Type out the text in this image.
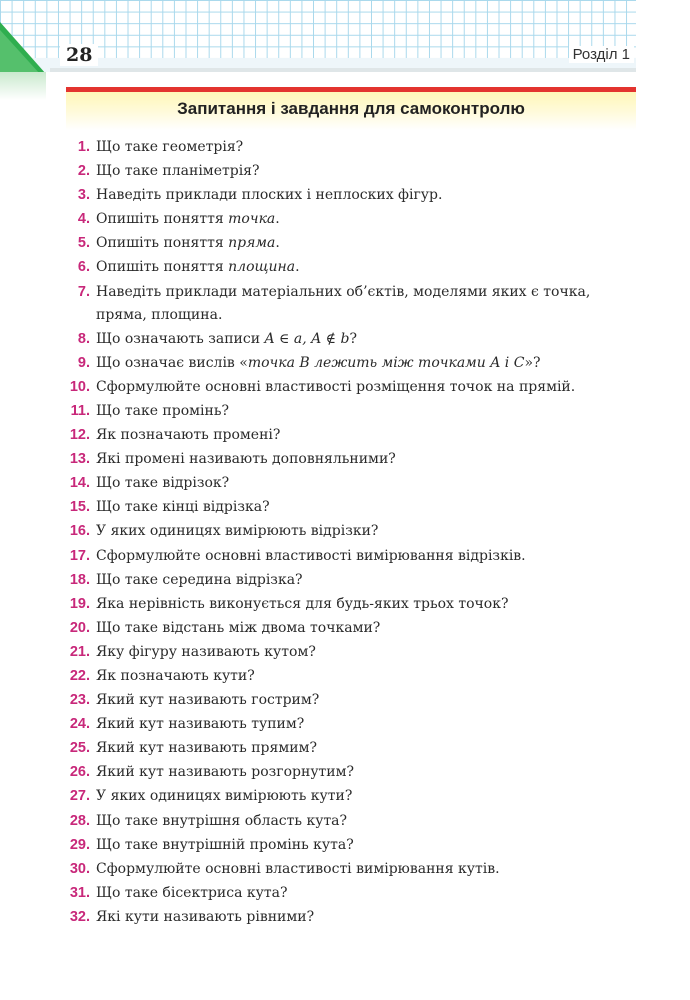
28	Розділ 1
Запитання і завдання для самоконтролю
1. Що таке геометрія?
2. Що таке планіметрія?
3. Наведіть приклади плоских і неплоских фігур.
4. Опишіть поняття точка.
5. Опишіть поняття пряма.
6. Опишіть поняття площина.
7. Наведіть приклади матеріальних об’єктів, моделями яких є точка, пряма, площина.
8. Що означають записи A ∈ a, A ∉ b?
9. Що означає вислів «точка B лежить між точками A і C»?
10. Сформулюйте основні властивості розміщення точок на прямій.
11. Що таке промінь?
12. Як позначають промені?
13. Які промені називають доповняльними?
14. Що таке відрізок?
15. Що таке кінці відрізка?
16. У яких одиницях вимірюють відрізки?
17. Сформулюйте основні властивості вимірювання відрізків.
18. Що таке середина відрізка?
19. Яка нерівність виконується для будь-яких трьох точок?
20. Що таке відстань між двома точками?
21. Яку фігуру називають кутом?
22. Як позначають кути?
23. Який кут називають гострим?
24. Який кут називають тупим?
25. Який кут називають прямим?
26. Який кут називають розгорнутим?
27. У яких одиницях вимірюють кути?
28. Що таке внутрішня область кута?
29. Що таке внутрішній промінь кута?
30. Сформулюйте основні властивості вимірювання кутів.
31. Що таке бісектриса кута?
32. Які кути називають рівними?
